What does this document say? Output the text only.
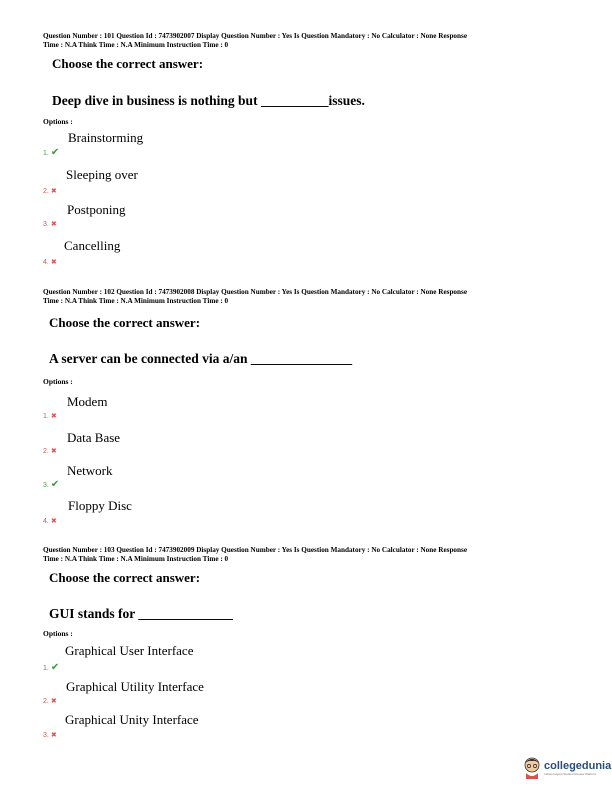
Question Number : 101 Question Id : 7473902007 Display Question Number : Yes Is Question Mandatory : No Calculator : None Response
Time : N.A Think Time : N.A Minimum Instruction Time : 0
Choose the correct answer:
Deep dive in business is nothing but __________issues.
Options :
1. ✔
Brainstorming
2. ✖
Sleeping over
3. ✖
Postponing
4. ✖
Cancelling
Question Number : 102 Question Id : 7473902008 Display Question Number : Yes Is Question Mandatory : No Calculator : None Response
Time : N.A Think Time : N.A Minimum Instruction Time : 0
Choose the correct answer:
A server can be connected via a/an _______________
Options :
1. ✖
Modem
2. ✖
Data Base
3. ✔
Network
4. ✖
Floppy Disc
Question Number : 103 Question Id : 7473902009 Display Question Number : Yes Is Question Mandatory : No Calculator : None Response
Time : N.A Think Time : N.A Minimum Instruction Time : 0
Choose the correct answer:
GUI stands for ______________
Options :
1. ✔
Graphical User Interface
2. ✖
Graphical Utility Interface
3. ✖
Graphical Unity Interface
collegedunia
India's largest Student Review Platform
